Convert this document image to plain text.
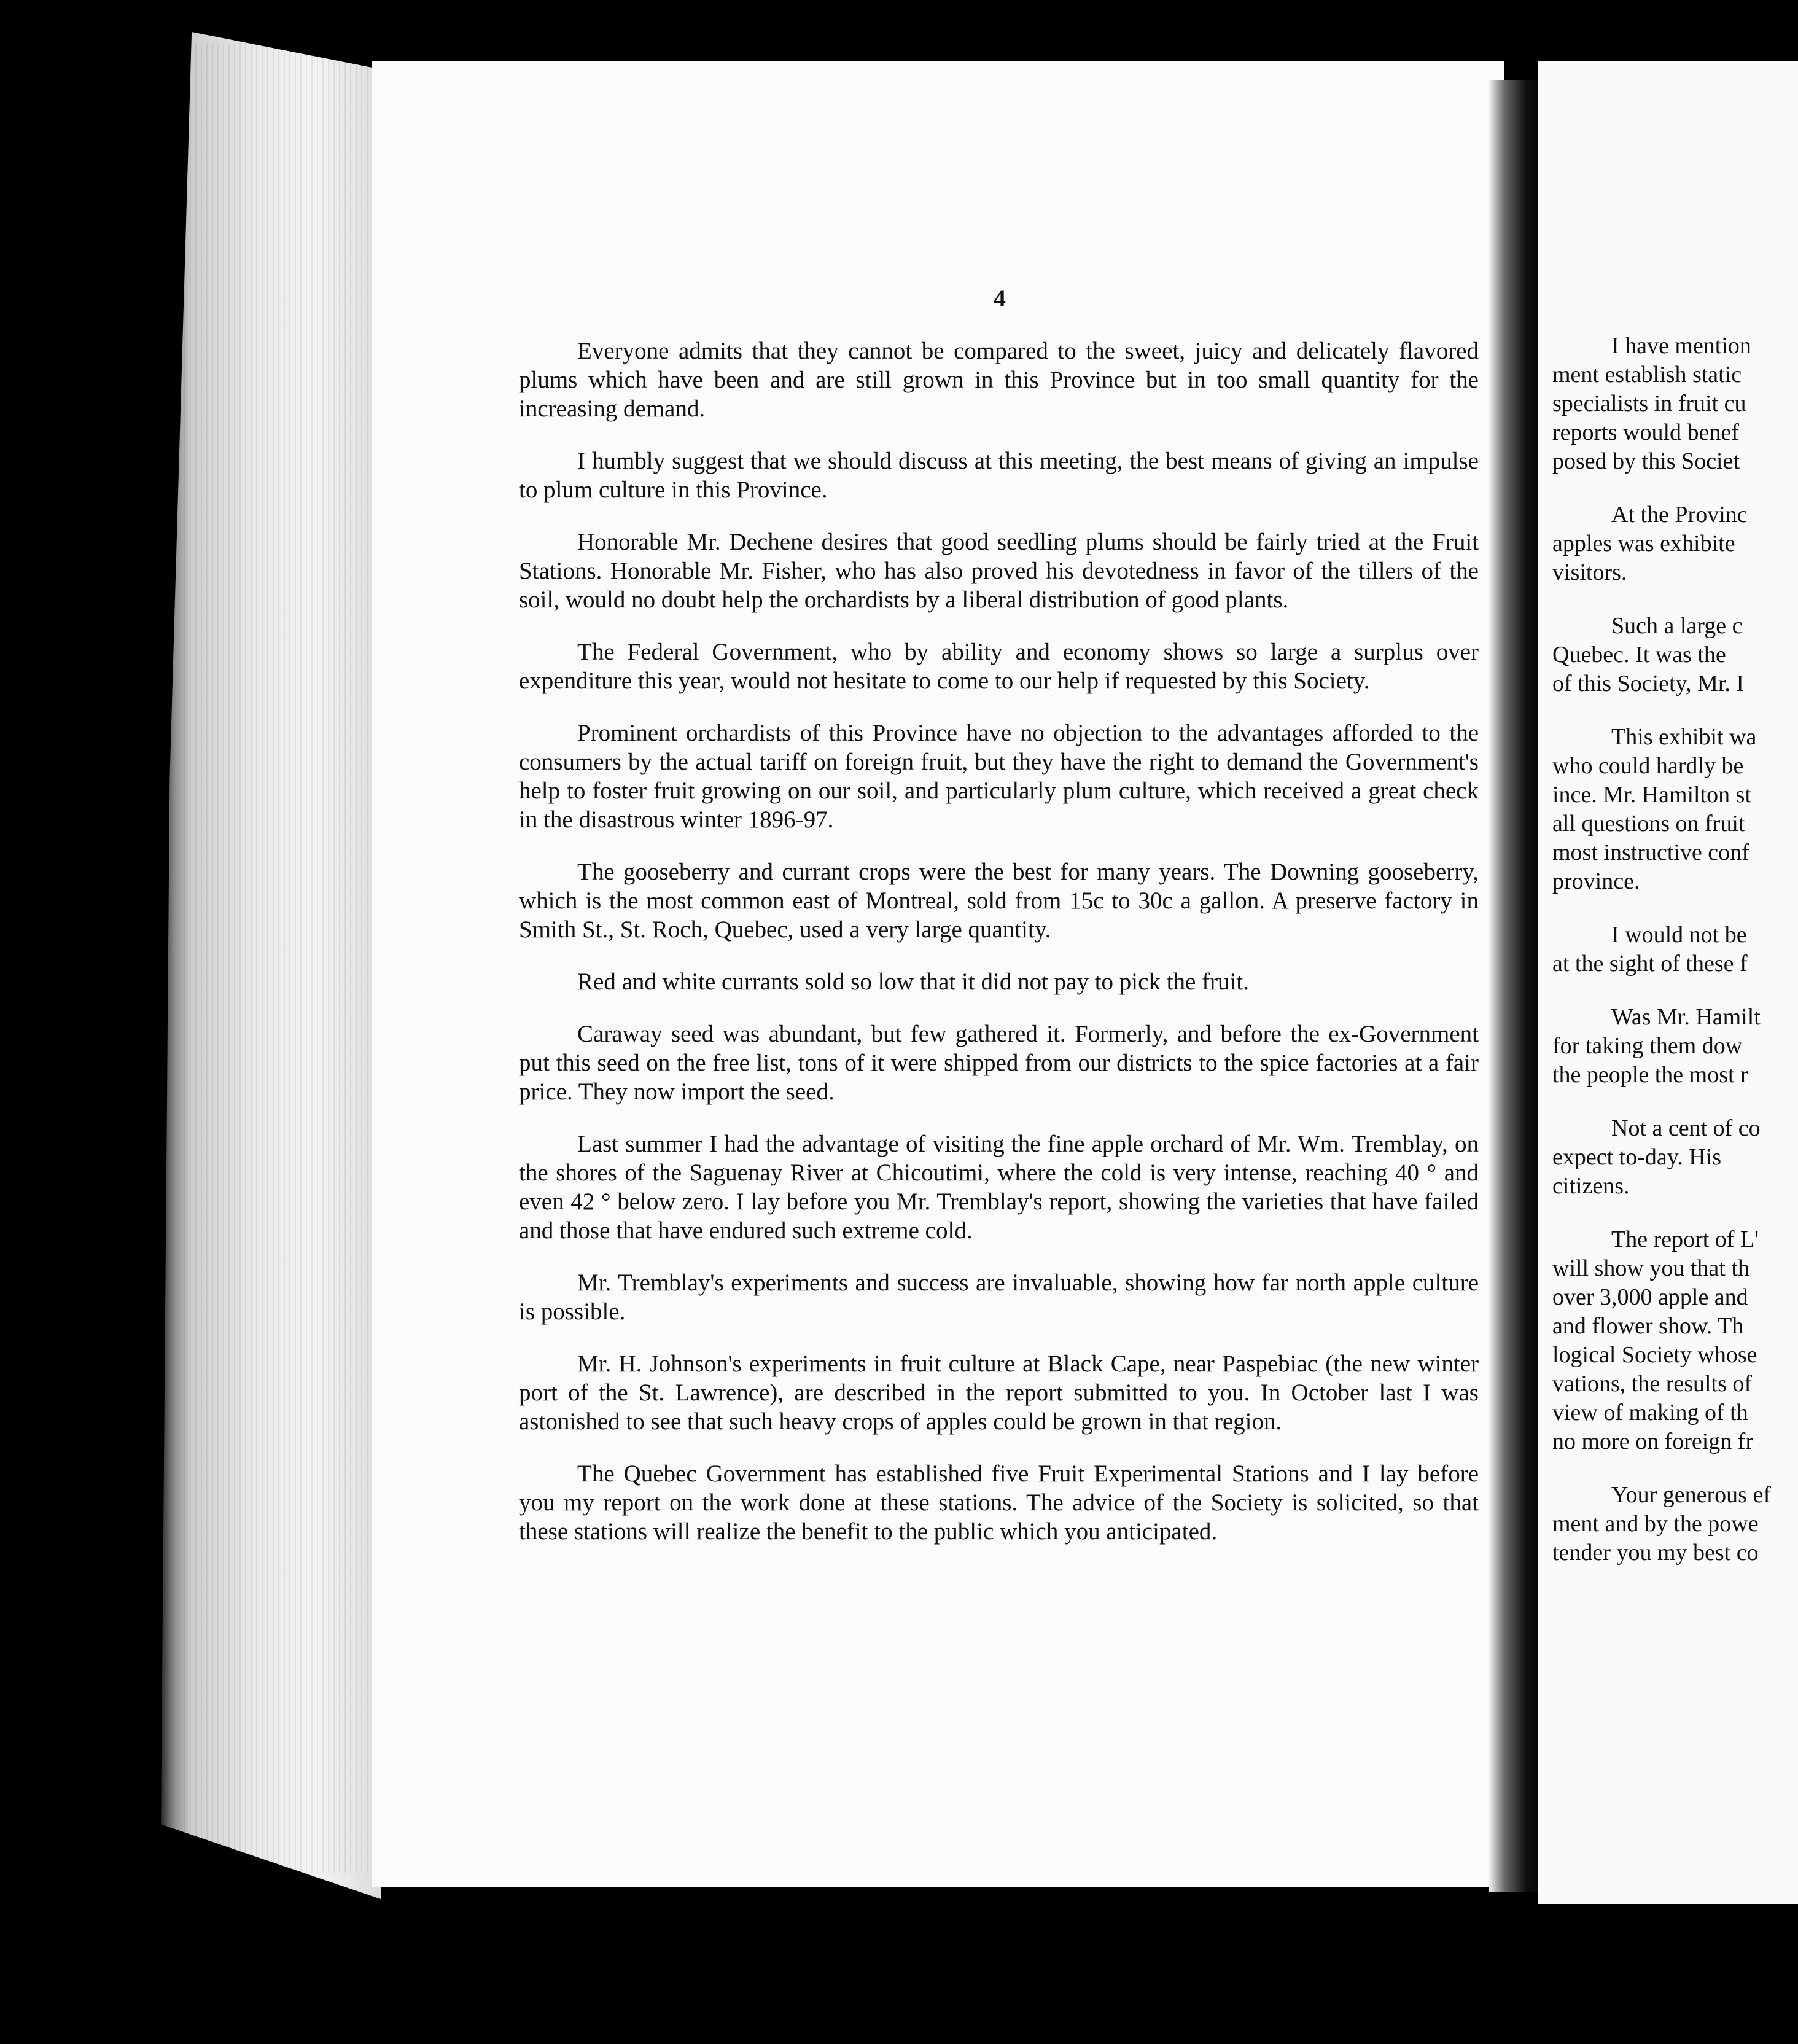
4

Everyone admits that they cannot be compared to the sweet, juicy and delicately flavored plums which have been and are still grown in this Province but in too small quantity for the increasing demand.

I humbly suggest that we should discuss at this meeting, the best means of giving an impulse to plum culture in this Province.

Honorable Mr. Dechene desires that good seedling plums should be fairly tried at the Fruit Stations. Honorable Mr. Fisher, who has also proved his devotedness in favor of the tillers of the soil, would no doubt help the orchardists by a liberal distribution of good plants.

The Federal Government, who by ability and economy shows so large a surplus over expenditure this year, would not hesitate to come to our help if requested by this Society.

Prominent orchardists of this Province have no objection to the advantages afforded to the consumers by the actual tariff on foreign fruit, but they have the right to demand the Government's help to foster fruit growing on our soil, and particularly plum culture, which received a great check in the disastrous winter 1896-97.

The gooseberry and currant crops were the best for many years. The Downing gooseberry, which is the most common east of Montreal, sold from 15c to 30c a gallon. A preserve factory in Smith St., St. Roch, Quebec, used a very large quantity.

Red and white currants sold so low that it did not pay to pick the fruit.

Caraway seed was abundant, but few gathered it. Formerly, and before the ex-Government put this seed on the free list, tons of it were shipped from our districts to the spice factories at a fair price. They now import the seed.

Last summer I had the advantage of visiting the fine apple orchard of Mr. Wm. Tremblay, on the shores of the Saguenay River at Chicoutimi, where the cold is very intense, reaching 40 ° and even 42 ° below zero. I lay before you Mr. Tremblay's report, showing the varieties that have failed and those that have endured such extreme cold.

Mr. Tremblay's experiments and success are invaluable, showing how far north apple culture is possible.

Mr. H. Johnson's experiments in fruit culture at Black Cape, near Paspebiac (the new winter port of the St. Lawrence), are described in the report submitted to you. In October last I was astonished to see that such heavy crops of apples could be grown in that region.

The Quebec Government has established five Fruit Experimental Stations and I lay before you my report on the work done at these stations. The advice of the Society is solicited, so that these stations will realize the benefit to the public which you anticipated.

I have mention
ment establish static
specialists in fruit cu
reports would benef
posed by this Societ

At the Provinc
apples was exhibite
visitors.

Such a large c
Quebec. It was the
of this Society, Mr. I

This exhibit wa
who could hardly be
ince. Mr. Hamilton st
all questions on fruit
most instructive conf
province.

I would not be
at the sight of these f

Was Mr. Hamilt
for taking them dow
the people the most r

Not a cent of co
expect to-day. His
citizens.

The report of L'
will show you that th
over 3,000 apple and
and flower show. Th
logical Society whose
vations, the results of
view of making of th
no more on foreign fr

Your generous ef
ment and by the powe
tender you my best co
